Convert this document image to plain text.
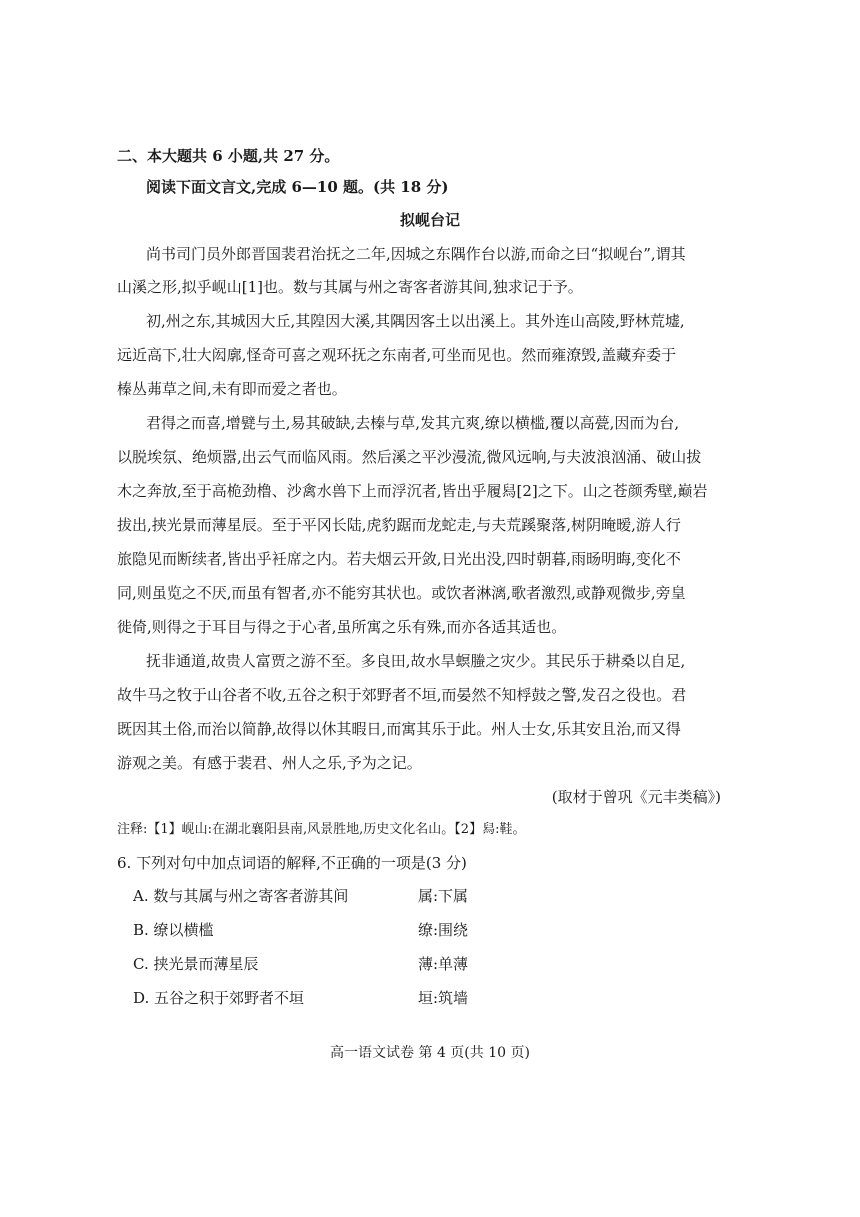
二、本大题共 6 小题,共 27 分。
阅读下面文言文,完成 6—10 题。(共 18 分)
拟岘台记
尚书司门员外郎晋国裴君治抚之二年,因城之东隅作台以游,而命之曰“拟岘台”,谓其
山溪之形,拟乎岘山[1]也。数与其属与州之寄客者游其间,独求记于予。
初,州之东,其城因大丘,其隍因大溪,其隅因客土以出溪上。其外连山高陵,野林荒墟,
远近高下,壮大闳廓,怪奇可喜之观环抚之东南者,可坐而见也。然而雍潦毁,盖藏弃委于
榛丛茀草之间,未有即而爱之者也。
君得之而喜,增甓与土,易其破缺,去榛与草,发其亢爽,缭以横槛,覆以高甍,因而为台,
以脱埃氛、绝烦嚣,出云气而临风雨。然后溪之平沙漫流,微风远响,与夫波浪汹涌、破山拔
木之奔放,至于高桅劲橹、沙禽水兽下上而浮沉者,皆出乎履舄[2]之下。山之苍颜秀壁,巅岩
拔出,挟光景而薄星辰。至于平冈长陆,虎豹踞而龙蛇走,与夫荒蹊聚落,树阴晻暧,游人行
旅隐见而断续者,皆出乎衽席之内。若夫烟云开敛,日光出没,四时朝暮,雨旸明晦,变化不
同,则虽览之不厌,而虽有智者,亦不能穷其状也。或饮者淋漓,歌者激烈,或静观微步,旁皇
徙倚,则得之于耳目与得之于心者,虽所寓之乐有殊,而亦各适其适也。
抚非通道,故贵人富贾之游不至。多良田,故水旱螟螣之灾少。其民乐于耕桑以自足,
故牛马之牧于山谷者不收,五谷之积于郊野者不垣,而晏然不知桴鼓之警,发召之役也。君
既因其土俗,而治以简静,故得以休其暇日,而寓其乐于此。州人士女,乐其安且治,而又得
游观之美。有感于裴君、州人之乐,予为之记。
(取材于曾巩《元丰类稿》)
注释:【1】岘山:在湖北襄阳县南,风景胜地,历史文化名山。【2】舄:鞋。
6. 下列对句中加点词语的解释,不正确的一项是(3 分)
A. 数与其属与州之寄客者游其间	属:下属
B. 缭以横槛	缭:围绕
C. 挟光景而薄星辰	薄:单薄
D. 五谷之积于郊野者不垣	垣:筑墙
高一语文试卷 第 4 页(共 10 页)
